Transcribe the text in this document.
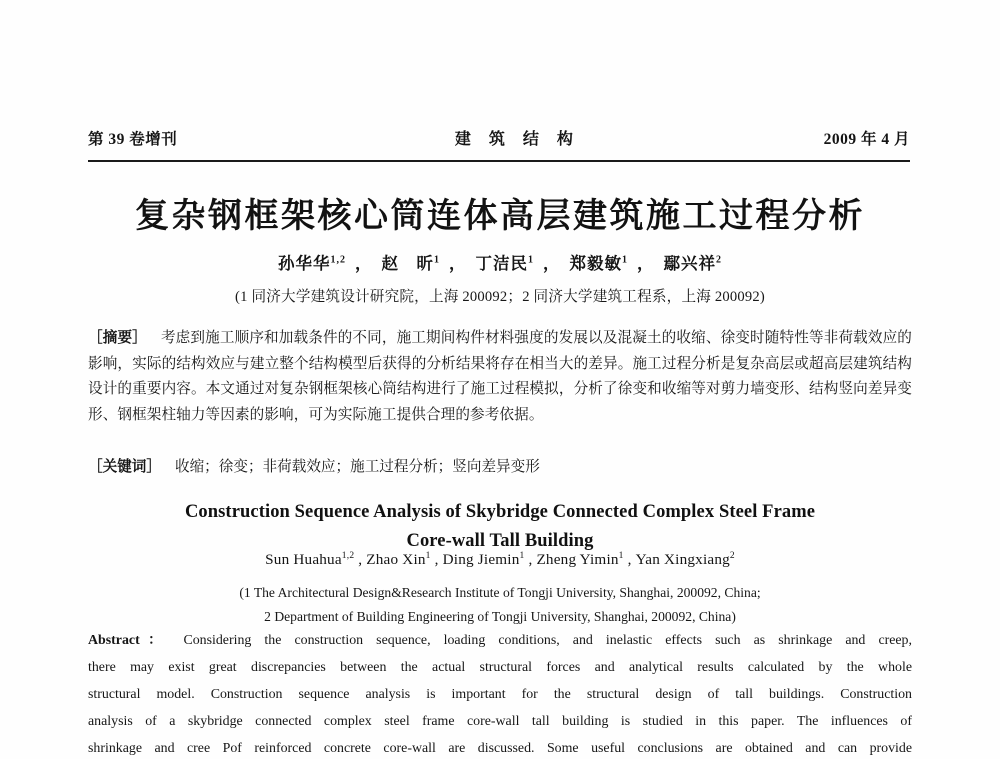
第 39 卷增刊	建 筑 结 构	2009 年 4 月
复杂钢框架核心筒连体高层建筑施工过程分析
孙华华$^{1,2}$ ， 赵　昕$^1$ ， 丁洁民$^1$ ， 郑毅敏$^1$ ， 鄢兴祥$^2$
(1 同济大学建筑设计研究院，上海 200092；2 同济大学建筑工程系，上海 200092)
［摘要］ 考虑到施工顺序和加载条件的不同，施工期间构件材料强度的发展以及混凝土的收缩、徐变时随特性等非荷载效应的影响，实际的结构效应与建立整个结构模型后获得的分析结果将存在相当大的差异。施工过程分析是复杂高层或超高层建筑结构设计的重要内容。本文通过对复杂钢框架核心筒结构进行了施工过程模拟，分析了徐变和收缩等对剪力墙变形、结构竖向差异变形、钢框架柱轴力等因素的影响，可为实际施工提供合理的参考依据。
［关键词］ 收缩；徐变；非荷载效应；施工过程分析；竖向差异变形
Construction Sequence Analysis of Skybridge Connected Complex Steel Frame
Core-wall Tall Building
Sun Huahua$^{1,2}$ , Zhao Xin$^1$ , Ding Jiemin$^1$ , Zheng Yimin$^1$ , Yan Xingxiang$^2$
(1 The Architectural Design&Research Institute of Tongji University, Shanghai, 200092, China;
2 Department of Building Engineering of Tongji University, Shanghai, 200092, China)
Abstract： Considering the construction sequence, loading conditions, and inelastic effects such as shrinkage and creep,
there may exist great discrepancies between the actual structural forces and analytical results calculated by the whole
structural model. Construction sequence analysis is important for the structural design of tall buildings. Construction
analysis of a skybridge connected complex steel frame core-wall tall building is studied in this paper. The influences of
shrinkage and cree Pof reinforced concrete core-wall are discussed. Some useful conclusions are obtained and can provide
